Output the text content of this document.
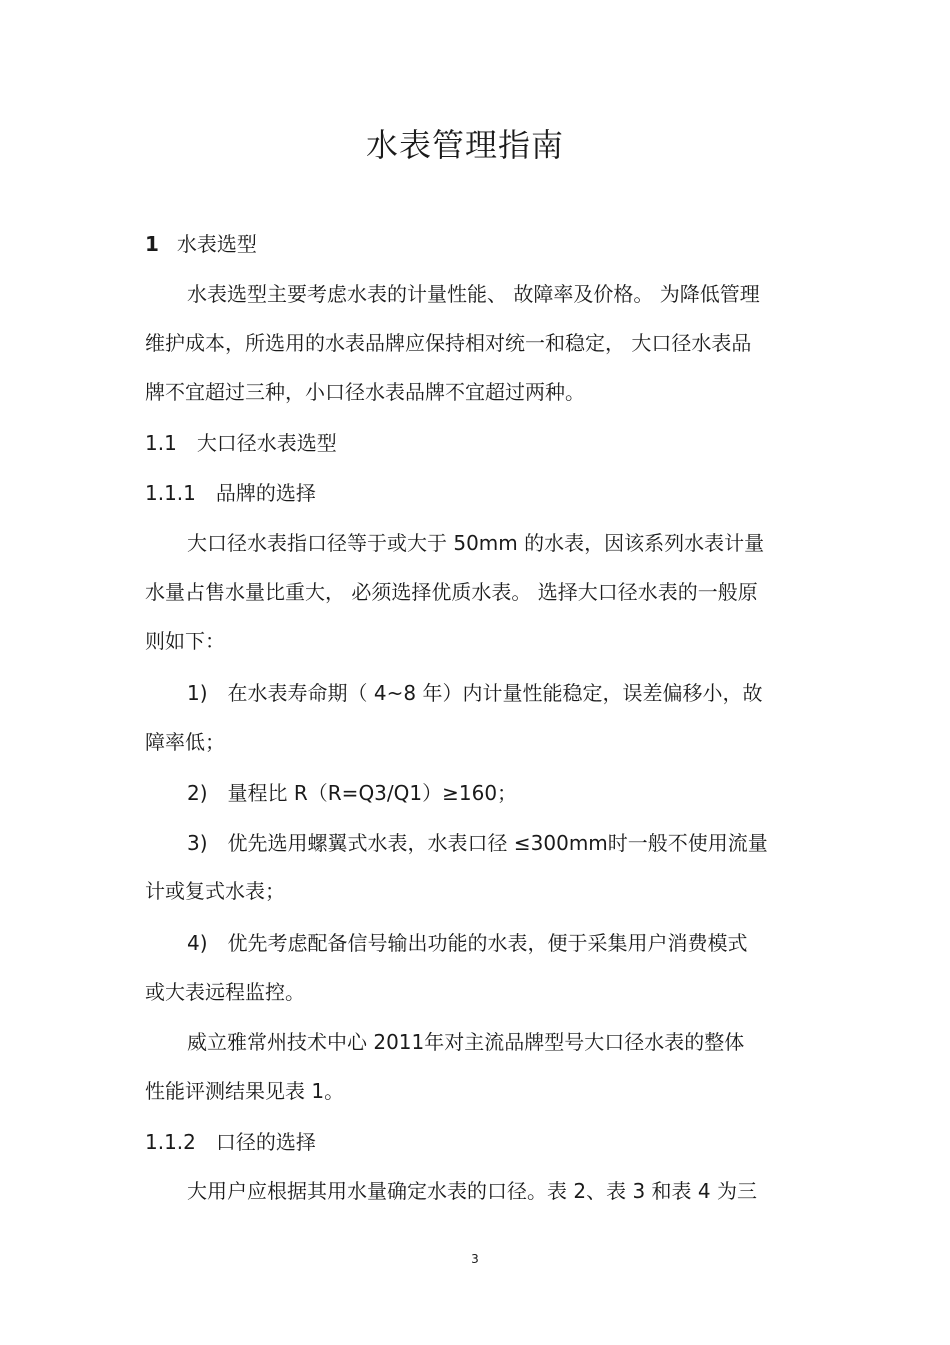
水表管理指南
1 水表选型
水表选型主要考虑水表的计量性能、 故障率及价格。 为降低管理
维护成本，所选用的水表品牌应保持相对统一和稳定， 大口径水表品
牌不宜超过三种，小口径水表品牌不宜超过两种。
1.1 大口径水表选型
1.1.1 品牌的选择
大口径水表指口径等于或大于 50mm 的水表，因该系列水表计量
水量占售水量比重大， 必须选择优质水表。 选择大口径水表的一般原
则如下：
1) 在水表寿命期（ 4~8 年）内计量性能稳定，误差偏移小，故
障率低；
2) 量程比 R（R=Q3/Q1）≥160；
3) 优先选用螺翼式水表，水表口径 ≤300mm时一般不使用流量
计或复式水表；
4) 优先考虑配备信号输出功能的水表，便于采集用户消费模式
或大表远程监控。
威立雅常州技术中心 2011年对主流品牌型号大口径水表的整体
性能评测结果见表 1。
1.1.2 口径的选择
大用户应根据其用水量确定水表的口径。表 2、表 3 和表 4 为三
3
